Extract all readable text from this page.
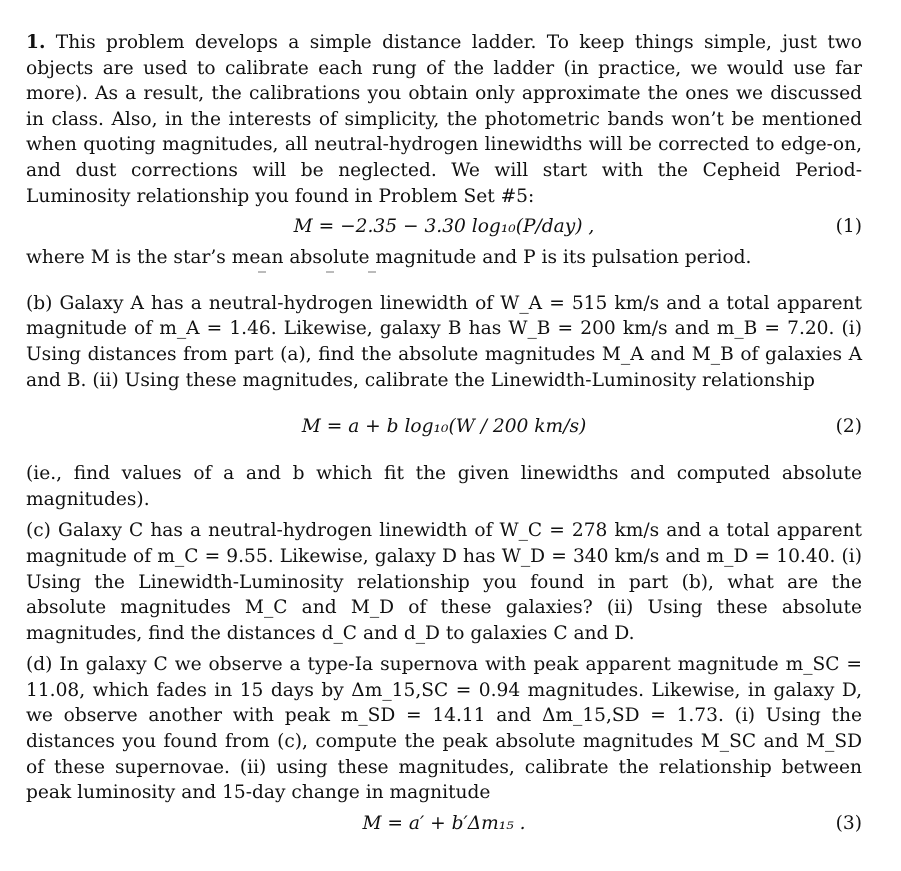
1. This problem develops a simple distance ladder. To keep things simple, just two objects are used to calibrate each rung of the ladder (in practice, we would use far more). As a result, the calibrations you obtain only approximate the ones we discussed in class. Also, in the interests of simplicity, the photometric bands won’t be mentioned when quoting magnitudes, all neutral-hydrogen linewidths will be corrected to edge-on, and dust corrections will be neglected. We will start with the Cepheid Period-Luminosity relationship you found in Problem Set #5:

M = −2.35 − 3.30 log₁₀(P/day) ,	(1)

where M is the star’s mean absolute magnitude and P is its pulsation period.

(b) Galaxy A has a neutral-hydrogen linewidth of W_A = 515 km/s and a total apparent magnitude of m_A = 1.46. Likewise, galaxy B has W_B = 200 km/s and m_B = 7.20. (i) Using distances from part (a), find the absolute magnitudes M_A and M_B of galaxies A and B. (ii) Using these magnitudes, calibrate the Linewidth-Luminosity relationship

M = a + b log₁₀(W / 200 km/s)	(2)

(ie., find values of a and b which fit the given linewidths and computed absolute magnitudes).

(c) Galaxy C has a neutral-hydrogen linewidth of W_C = 278 km/s and a total apparent magnitude of m_C = 9.55. Likewise, galaxy D has W_D = 340 km/s and m_D = 10.40. (i) Using the Linewidth-Luminosity relationship you found in part (b), what are the absolute magnitudes M_C and M_D of these galaxies? (ii) Using these absolute magnitudes, find the distances d_C and d_D to galaxies C and D.

(d) In galaxy C we observe a type-Ia supernova with peak apparent magnitude m_SC = 11.08, which fades in 15 days by Δm_15,SC = 0.94 magnitudes. Likewise, in galaxy D, we observe another with peak m_SD = 14.11 and Δm_15,SD = 1.73. (i) Using the distances you found from (c), compute the peak absolute magnitudes M_SC and M_SD of these supernovae. (ii) using these magnitudes, calibrate the relationship between peak luminosity and 15-day change in magnitude

M = a′ + b′Δm₁₅ .	(3)
